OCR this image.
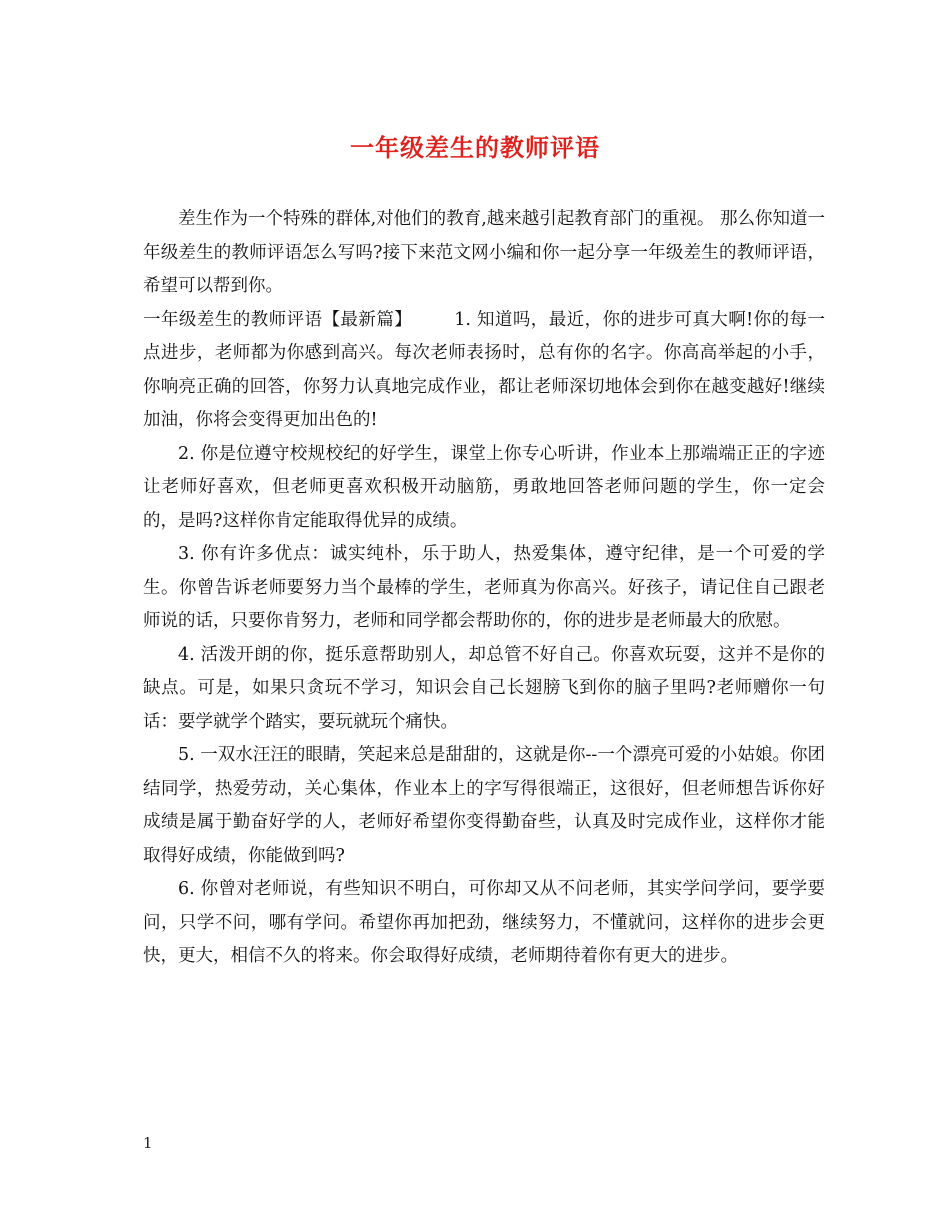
一年级差生的教师评语

差生作为一个特殊的群体,对他们的教育,越来越引起教育部门的重视。 那么你知道一年级差生的教师评语怎么写吗?接下来范文网小编和你一起分享一年级差生的教师评语，希望可以帮到你。

一年级差生的教师评语【最新篇】 1. 知道吗，最近，你的进步可真大啊!你的每一点进步，老师都为你感到高兴。每次老师表扬时，总有你的名字。你高高举起的小手，你响亮正确的回答，你努力认真地完成作业，都让老师深切地体会到你在越变越好!继续加油，你将会变得更加出色的!

2. 你是位遵守校规校纪的好学生，课堂上你专心听讲，作业本上那端端正正的字迹让老师好喜欢，但老师更喜欢积极开动脑筋，勇敢地回答老师问题的学生，你一定会的，是吗?这样你肯定能取得优异的成绩。

3. 你有许多优点：诚实纯朴，乐于助人，热爱集体，遵守纪律，是一个可爱的学生。你曾告诉老师要努力当个最棒的学生，老师真为你高兴。好孩子，请记住自己跟老师说的话，只要你肯努力，老师和同学都会帮助你的，你的进步是老师最大的欣慰。

4. 活泼开朗的你，挺乐意帮助别人，却总管不好自己。你喜欢玩耍，这并不是你的缺点。可是，如果只贪玩不学习，知识会自己长翅膀飞到你的脑子里吗?老师赠你一句话：要学就学个踏实，要玩就玩个痛快。

5. 一双水汪汪的眼睛，笑起来总是甜甜的，这就是你--一个漂亮可爱的小姑娘。你团结同学，热爱劳动，关心集体，作业本上的字写得很端正，这很好，但老师想告诉你好成绩是属于勤奋好学的人，老师好希望你变得勤奋些，认真及时完成作业，这样你才能取得好成绩，你能做到吗?

6. 你曾对老师说，有些知识不明白，可你却又从不问老师，其实学问学问，要学要问，只学不问，哪有学问。希望你再加把劲，继续努力，不懂就问，这样你的进步会更快，更大，相信不久的将来。你会取得好成绩，老师期待着你有更大的进步。

1
